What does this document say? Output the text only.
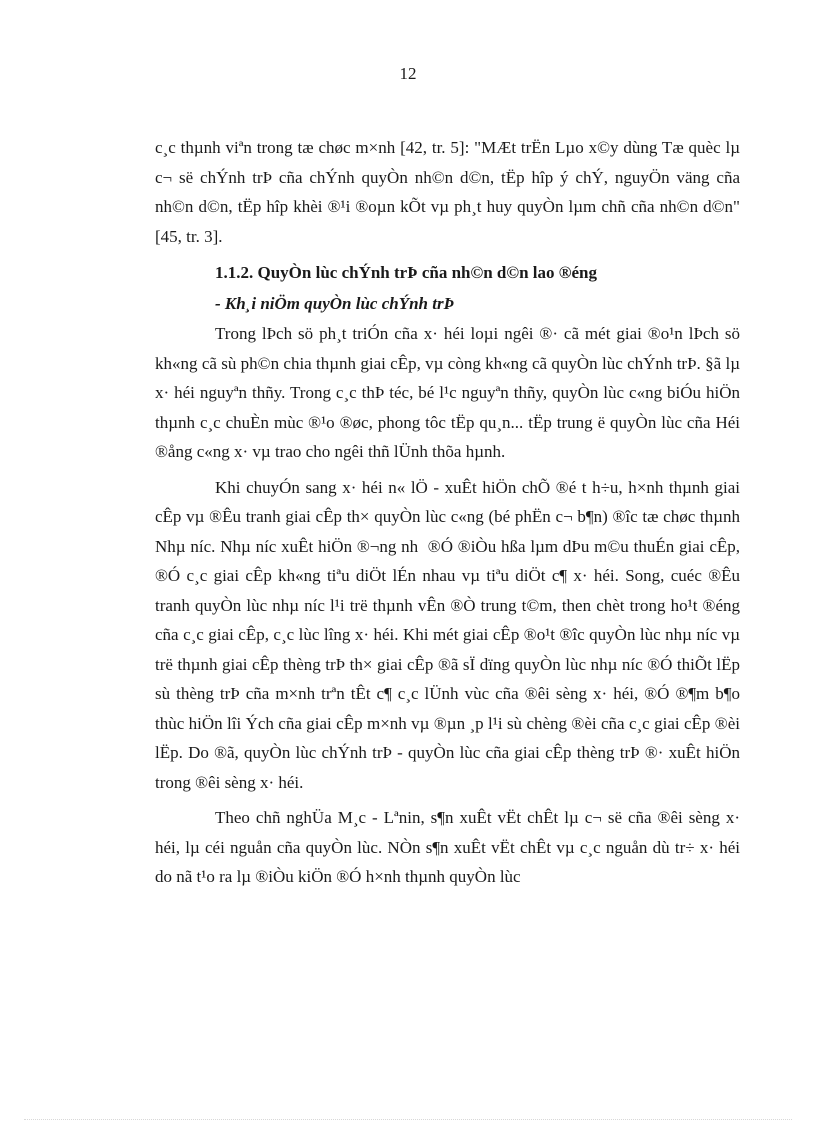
12

c¸c thµnh viªn trong tæ chøc m×nh [42, tr. 5]: "MÆt trËn Lµo x©y dùng Tæ quèc lµ c¬ së chÝnh trÞ cña chÝnh quyÒn nh©n d©n, tËp hîp ý chÝ, nguyÖn väng cña nh©n d©n, tËp hîp khèi ®¹i ®oµn kÕt vµ ph¸t huy quyÒn lµm chñ cña nh©n d©n" [45, tr. 3].

1.1.2. QuyÒn lùc chÝnh trÞ cña nh©n d©n lao ®éng

- Kh¸i niÖm quyÒn lùc chÝnh trÞ

Trong lÞch sö ph¸t triÓn cña x· héi loµi ngêi ®· cã mét giai ®o¹n lÞch sö kh«ng cã sù ph©n chia thµnh giai cÊp, vµ còng kh«ng cã quyÒn lùc chÝnh trÞ. §ã lµ x· héi nguyªn thñy. Trong c¸c thÞ téc, bé l¹c nguyªn thñy, quyÒn lùc c«ng biÓu hiÖn thµnh c¸c chuÈn mùc ®¹o ®øc, phong tôc tËp qu¸n... tËp trung ë quyÒn lùc cña Héi ®ång c«ng x· vµ trao cho ngêi thñ lÜnh thõa hµnh.

Khi chuyÓn sang x· héi n« lÖ - xuÊt hiÖn chÕ ®é t h÷u, h×nh thµnh giai cÊp vµ ®Êu tranh giai cÊp th× quyÒn lùc c«ng (bé phËn c¬ b¶n) ®îc tæ chøc thµnh Nhµ níc. Nhµ níc xuÊt hiÖn ®¬ng nh  ®Ó ®iÒu hßa lµm dÞu m©u thuÉn giai cÊp, ®Ó c¸c giai cÊp kh«ng tiªu diÖt lÉn nhau vµ tiªu diÖt c¶ x· héi. Song, cuéc ®Êu tranh quyÒn lùc nhµ níc l¹i trë thµnh vÊn ®Ò trung t©m, then chèt trong ho¹t ®éng cña c¸c giai cÊp, c¸c lùc lîng x· héi. Khi mét giai cÊp ®o¹t ®îc quyÒn lùc nhµ níc vµ trë thµnh giai cÊp thèng trÞ th× giai cÊp ®ã sÏ dïng quyÒn lùc nhµ níc ®Ó thiÕt lËp sù thèng trÞ cña m×nh trªn tÊt c¶ c¸c lÜnh vùc cña ®êi sèng x· héi, ®Ó ®¶m b¶o thùc hiÖn lîi Ých cña giai cÊp m×nh vµ ®µn ¸p l¹i sù chèng ®èi cña c¸c giai cÊp ®èi lËp. Do ®ã, quyÒn lùc chÝnh trÞ - quyÒn lùc cña giai cÊp thèng trÞ ®· xuÊt hiÖn trong ®êi sèng x· héi.

Theo chñ nghÜa M¸c - Lªnin, s¶n xuÊt vËt chÊt lµ c¬ së cña ®êi sèng x· héi, lµ céi nguån cña quyÒn lùc. NÒn s¶n xuÊt vËt chÊt vµ c¸c nguån dù tr÷ x· héi do nã t¹o ra lµ ®iÒu kiÖn ®Ó h×nh thµnh quyÒn lùc
